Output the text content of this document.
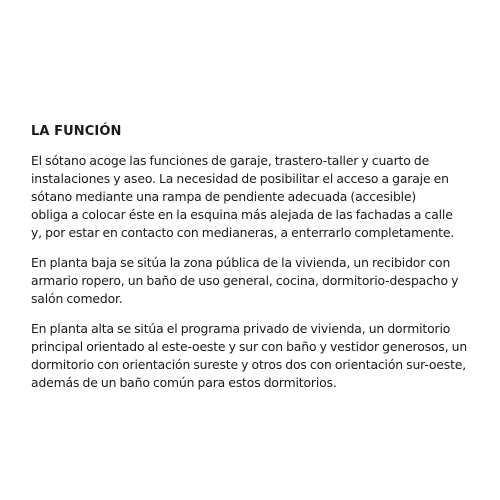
LA FUNCIÓN
El sótano acoge las funciones de garaje, trastero-taller y cuarto de
instalaciones y aseo. La necesidad de posibilitar el acceso a garaje en
sótano mediante una rampa de pendiente adecuada (accesible)
obliga a colocar éste en la esquina más alejada de las fachadas a calle
y, por estar en contacto con medianeras, a enterrarlo completamente.
En planta baja se sitúa la zona pública de la vivienda, un recibidor con
armario ropero, un baño de uso general, cocina, dormitorio-despacho y
salón comedor.
En planta alta se sitúa el programa privado de vivienda, un dormitorio
principal orientado al este-oeste y sur con baño y vestidor generosos, un
dormitorio con orientación sureste y otros dos con orientación sur-oeste,
además de un baño común para estos dormitorios.
